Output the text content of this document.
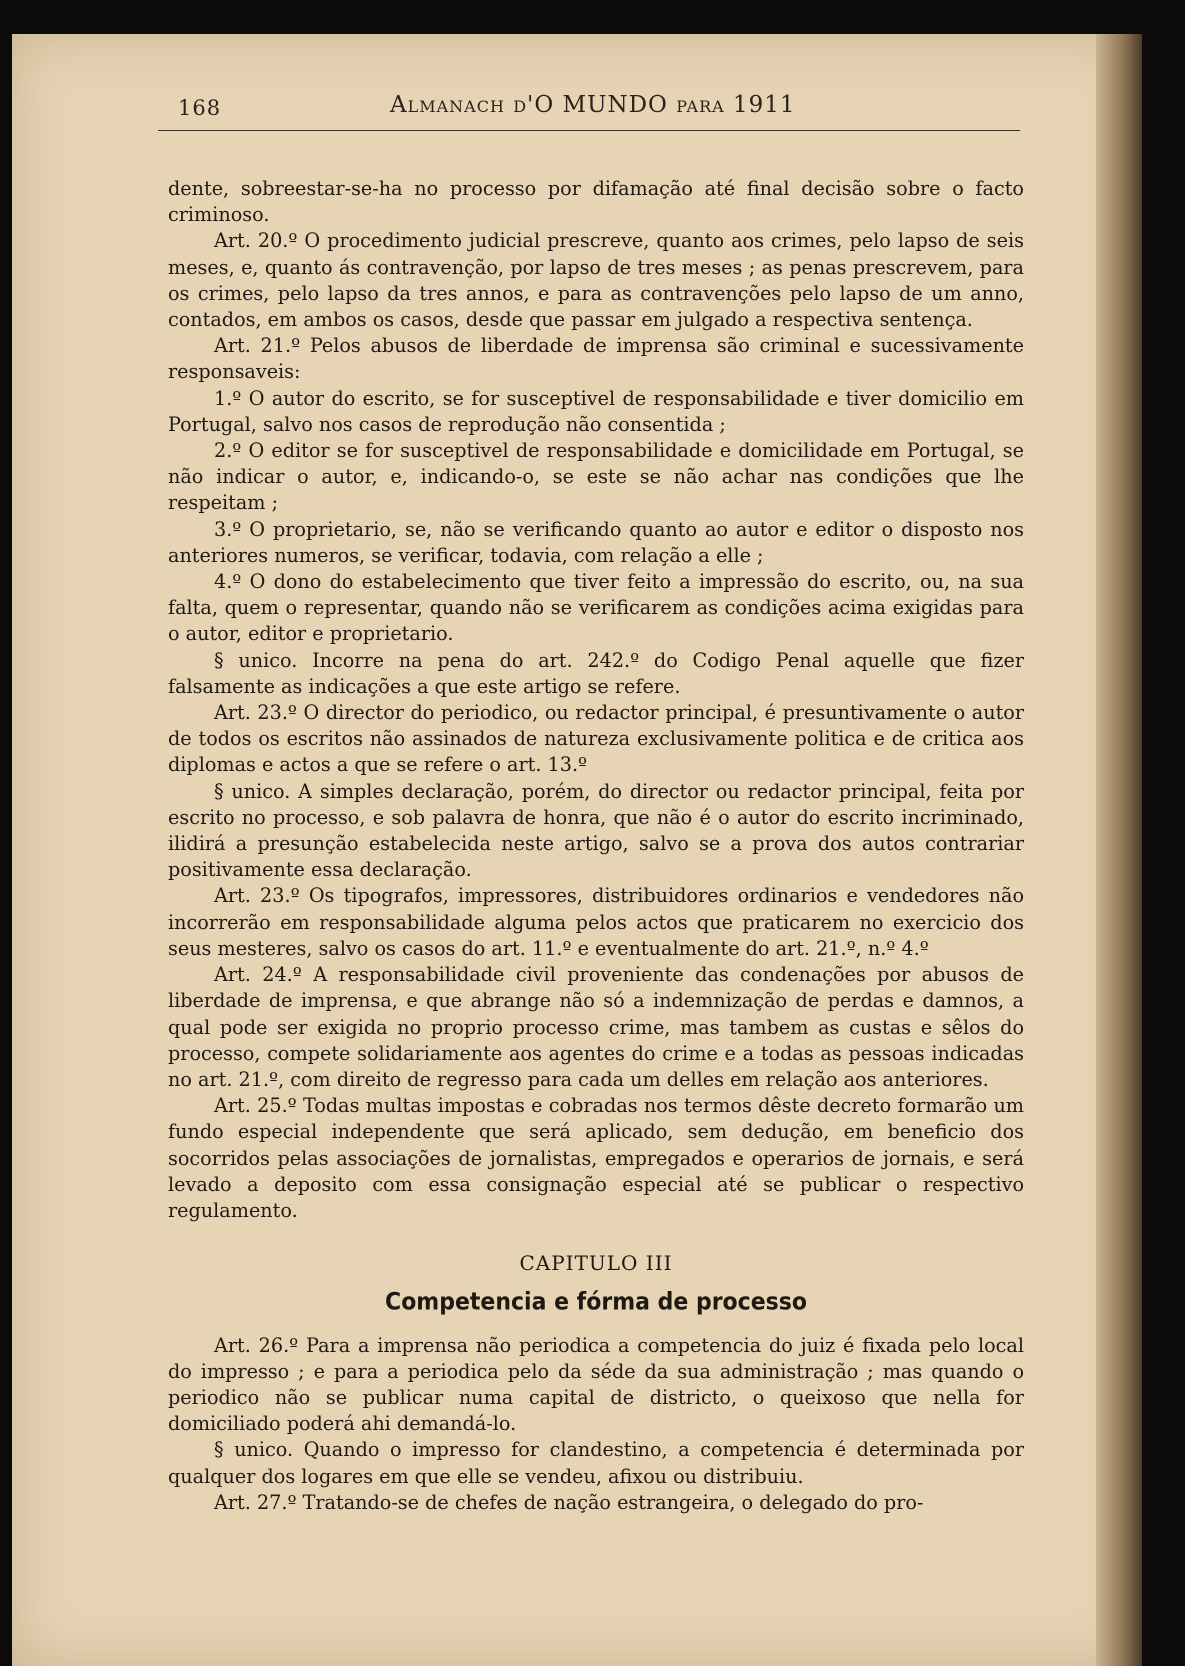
168	Almanach d'O MUNDO para 1911

dente, sobreestar-se-ha no processo por difamação até final decisão sobre o facto criminoso.

Art. 20.º O procedimento judicial prescreve, quanto aos crimes, pelo lapso de seis meses, e, quanto ás contravenção, por lapso de tres meses ; as penas prescrevem, para os crimes, pelo lapso da tres annos, e para as contravenções pelo lapso de um anno, contados, em ambos os casos, desde que passar em julgado a respectiva sentença.

Art. 21.º Pelos abusos de liberdade de imprensa são criminal e sucessivamente responsaveis:

1.º O autor do escrito, se for susceptivel de responsabilidade e tiver domicilio em Portugal, salvo nos casos de reprodução não consentida ;

2.º O editor se for susceptivel de responsabilidade e domicilidade em Portugal, se não indicar o autor, e, indicando-o, se este se não achar nas condições que lhe respeitam ;

3.º O proprietario, se, não se verificando quanto ao autor e editor o disposto nos anteriores numeros, se verificar, todavia, com relação a elle ;

4.º O dono do estabelecimento que tiver feito a impressão do escrito, ou, na sua falta, quem o representar, quando não se verificarem as condições acima exigidas para o autor, editor e proprietario.

§ unico. Incorre na pena do art. 242.º do Codigo Penal aquelle que fizer falsamente as indicações a que este artigo se refere.

Art. 23.º O director do periodico, ou redactor principal, é presuntivamente o autor de todos os escritos não assinados de natureza exclusivamente politica e de critica aos diplomas e actos a que se refere o art. 13.º

§ unico. A simples declaração, porém, do director ou redactor principal, feita por escrito no processo, e sob palavra de honra, que não é o autor do escrito incriminado, ilidirá a presunção estabelecida neste artigo, salvo se a prova dos autos contrariar positivamente essa declaração.

Art. 23.º Os tipografos, impressores, distribuidores ordinarios e vendedores não incorrerão em responsabilidade alguma pelos actos que praticarem no exercicio dos seus mesteres, salvo os casos do art. 11.º e eventualmente do art. 21.º, n.º 4.º

Art. 24.º A responsabilidade civil proveniente das condenações por abusos de liberdade de imprensa, e que abrange não só a indemnização de perdas e damnos, a qual pode ser exigida no proprio processo crime, mas tambem as custas e sêlos do processo, compete solidariamente aos agentes do crime e a todas as pessoas indicadas no art. 21.º, com direito de regresso para cada um delles em relação aos anteriores.

Art. 25.º Todas multas impostas e cobradas nos termos dêste decreto formarão um fundo especial independente que será aplicado, sem dedução, em beneficio dos socorridos pelas associações de jornalistas, empregados e operarios de jornais, e será levado a deposito com essa consignação especial até se publicar o respectivo regulamento.

CAPITULO III

Competencia e fórma de processo

Art. 26.º Para a imprensa não periodica a competencia do juiz é fixada pelo local do impresso ; e para a periodica pelo da séde da sua administração ; mas quando o periodico não se publicar numa capital de districto, o queixoso que nella for domiciliado poderá ahi demandá-lo.

§ unico. Quando o impresso for clandestino, a competencia é determinada por qualquer dos logares em que elle se vendeu, afixou ou distribuiu.

Art. 27.º Tratando-se de chefes de nação estrangeira, o delegado do pro-
